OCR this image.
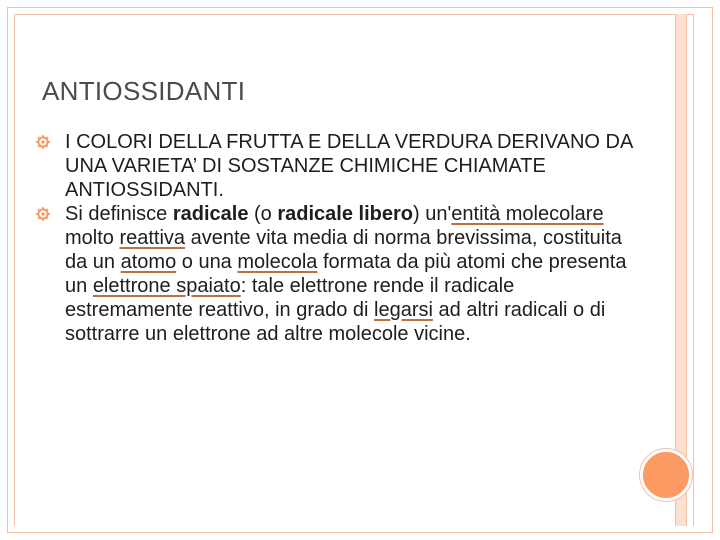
ANTIOSSIDANTI
I COLORI DELLA FRUTTA E DELLA VERDURA DERIVANO DA UNA VARIETA’ DI SOSTANZE CHIMICHE CHIAMATE ANTIOSSIDANTI.
Si definisce radicale (o radicale libero) un'entità molecolare molto reattiva avente vita media di norma brevissima, costituita da un atomo o una molecola formata da più atomi che presenta un elettrone spaiato: tale elettrone rende il radicale estremamente reattivo, in grado di legarsi ad altri radicali o di sottrarre un elettrone ad altre molecole vicine.
